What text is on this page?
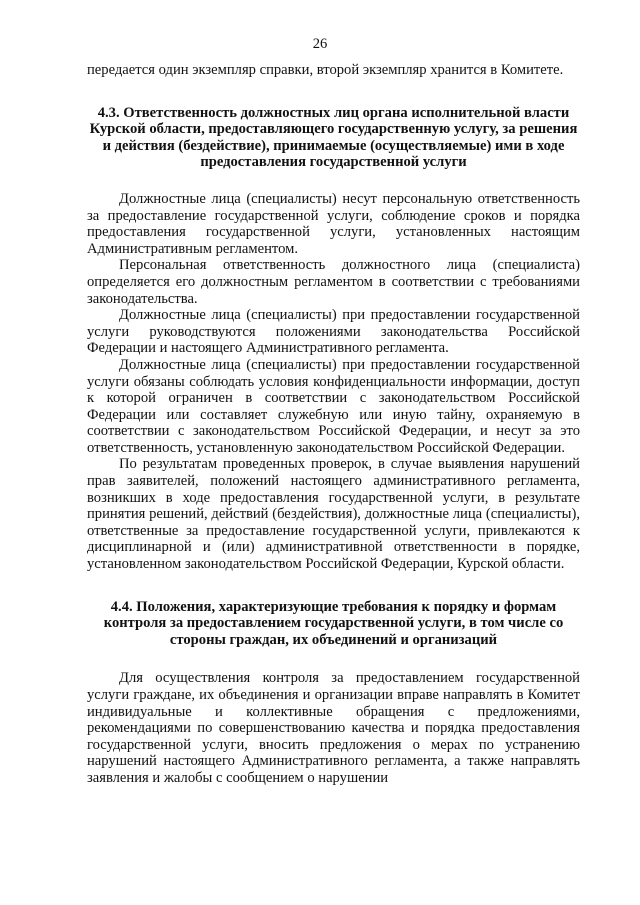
26

передается один экземпляр справки, второй экземпляр хранится в Комитете.

4.3. Ответственность должностных лиц органа исполнительной власти Курской области, предоставляющего государственную услугу, за решения и действия (бездействие), принимаемые (осуществляемые) ими в ходе предоставления государственной услуги

Должностные лица (специалисты) несут персональную ответственность за предоставление государственной услуги, соблюдение сроков и порядка предоставления государственной услуги, установленных настоящим Административным регламентом.

Персональная ответственность должностного лица (специалиста) определяется его должностным регламентом в соответствии с требованиями законодательства.

Должностные лица (специалисты) при предоставлении государственной услуги руководствуются положениями законодательства Российской Федерации и настоящего Административного регламента.

Должностные лица (специалисты) при предоставлении государственной услуги обязаны соблюдать условия конфиденциальности информации, доступ к которой ограничен в соответствии с законодательством Российской Федерации или составляет служебную или иную тайну, охраняемую в соответствии с законодательством Российской Федерации, и несут за это ответственность, установленную законодательством Российской Федерации.

По результатам проведенных проверок, в случае выявления нарушений прав заявителей, положений настоящего административного регламента, возникших в ходе предоставления государственной услуги, в результате принятия решений, действий (бездействия), должностные лица (специалисты), ответственные за предоставление государственной услуги, привлекаются к дисциплинарной и (или) административной ответственности в порядке, установленном законодательством Российской Федерации, Курской области.

4.4. Положения, характеризующие требования к порядку и формам контроля за предоставлением государственной услуги, в том числе со стороны граждан, их объединений и организаций

Для осуществления контроля за предоставлением государственной услуги граждане, их объединения и организации вправе направлять в Комитет индивидуальные и коллективные обращения с предложениями, рекомендациями по совершенствованию качества и порядка предоставления государственной услуги, вносить предложения о мерах по устранению нарушений настоящего Административного регламента, а также направлять заявления и жалобы с сообщением о нарушении
